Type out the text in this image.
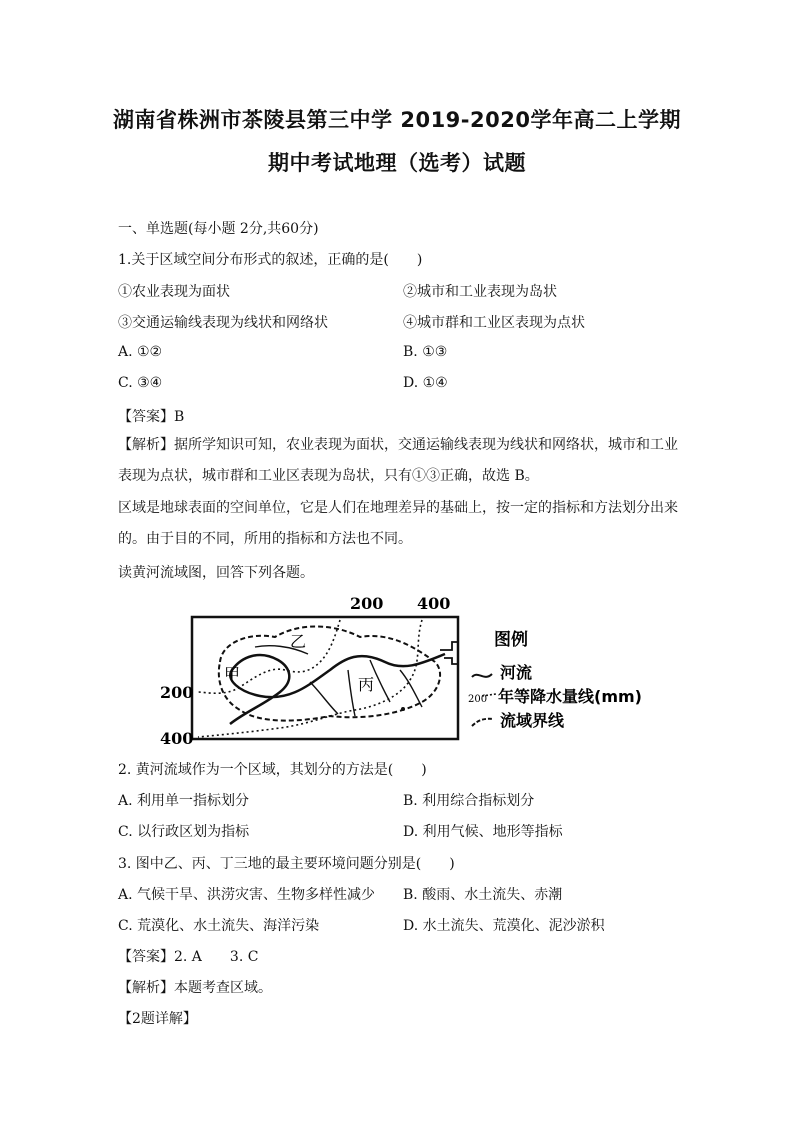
湖南省株洲市茶陵县第三中学 2019-2020学年高二上学期
期中考试地理（选考）试题
一、单选题(每小题 2分,共60分)
1.关于区域空间分布形式的叙述，正确的是(　　)
①农业表现为面状	②城市和工业表现为岛状
③交通运输线表现为线状和网络状	④城市群和工业区表现为点状
A. ①②	B. ①③
C. ③④	D. ①④
【答案】B
【解析】据所学知识可知，农业表现为面状，交通运输线表现为线状和网络状，城市和工业表现为点状，城市群和工业区表现为岛状，只有①③正确，故选 B。
区域是地球表面的空间单位，它是人们在地理差异的基础上，按一定的指标和方法划分出来的。由于目的不同，所用的指标和方法也不同。
读黄河流域图，回答下列各题。
200 400
200
400
甲
乙
丙
图例
河流
200 年等降水量线(mm)
流域界线
2. 黄河流域作为一个区域，其划分的方法是(　　)
A. 利用单一指标划分	B. 利用综合指标划分
C. 以行政区划为指标	D. 利用气候、地形等指标
3. 图中乙、丙、丁三地的最主要环境问题分别是(　　)
A. 气候干旱、洪涝灾害、生物多样性减少 B. 酸雨、水土流失、赤潮
C. 荒漠化、水土流失、海洋污染	D. 水土流失、荒漠化、泥沙淤积
【答案】2. A　　3. C
【解析】本题考查区域。
【2题详解】
